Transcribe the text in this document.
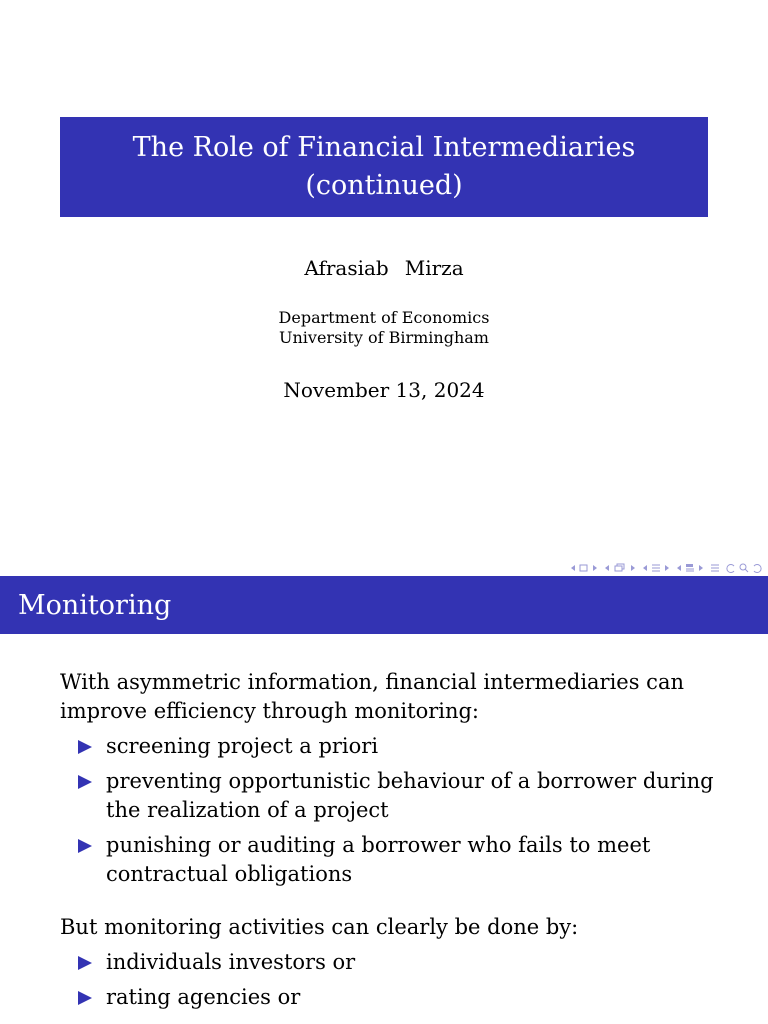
The Role of Financial Intermediaries
(continued)
Afrasiab Mirza
Department of Economics
University of Birmingham
November 13, 2024
Monitoring

With asymmetric information, financial intermediaries can
improve efficiency through monitoring:

screening project a priori
preventing opportunistic behaviour of a borrower during
the realization of a project
punishing or auditing a borrower who fails to meet
contractual obligations

But monitoring activities can clearly be done by:

individuals investors or
rating agencies or
